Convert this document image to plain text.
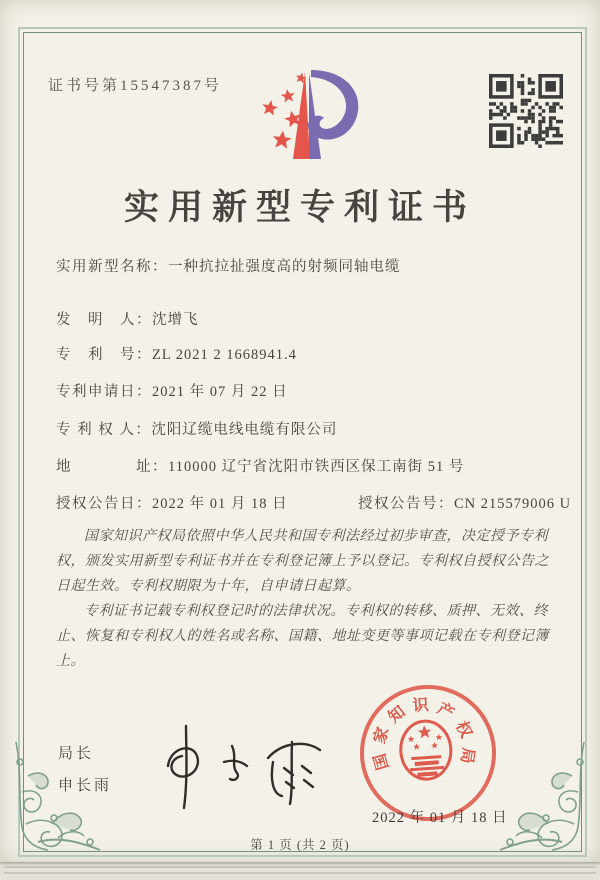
证书号第15547387号
实用新型专利证书
实用新型名称：一种抗拉扯强度高的射频同轴电缆
发　明　人：沈增飞
专　利　号：ZL 2021 2 1668941.4
专利申请日：2021 年 07 月 22 日
专 利 权 人：沈阳辽缆电线电缆有限公司
地　　　　址：110000 辽宁省沈阳市铁西区保工南街 51 号
授权公告日：2022 年 01 月 18 日	授权公告号：CN 215579006 U

国家知识产权局依照中华人民共和国专利法经过初步审查，决定授予专利权，颁发实用新型专利证书并在专利登记簿上予以登记。专利权自授权公告之日起生效。专利权期限为十年，自申请日起算。

专利证书记载专利权登记时的法律状况。专利权的转移、质押、无效、终止、恢复和专利权人的姓名或名称、国籍、地址变更等事项记载在专利登记簿上。

局长
申长雨
国
家
知 识 产
权
局
2022 年 01 月 18 日
第 1 页 (共 2 页)
